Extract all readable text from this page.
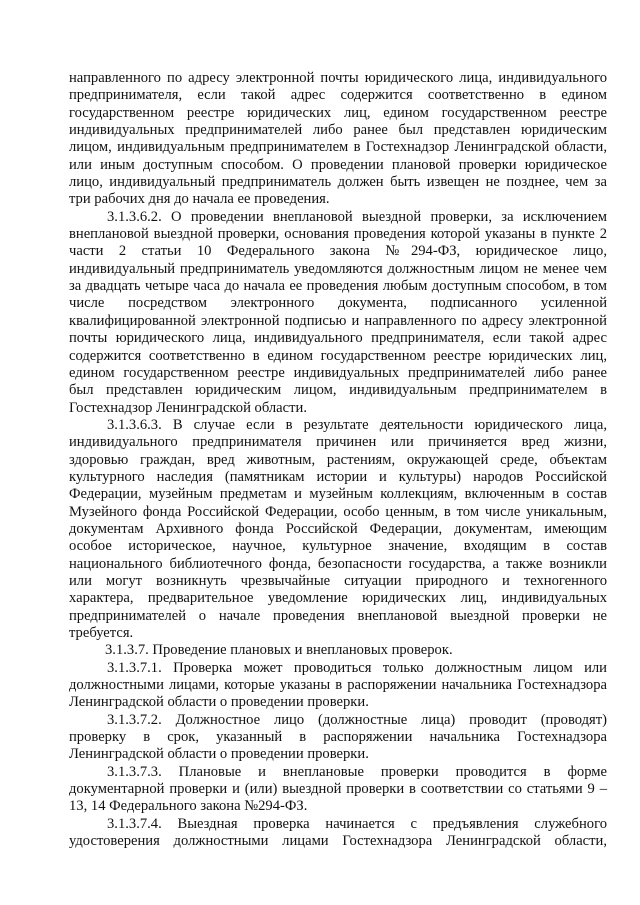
направленного по адресу электронной почты юридического лица, индивидуального
предпринимателя, если такой адрес содержится соответственно в едином
государственном реестре юридических лиц, едином государственном реестре
индивидуальных предпринимателей либо ранее был представлен юридическим
лицом, индивидуальным предпринимателем в Гостехнадзор Ленинградской области,
или иным доступным способом. О проведении плановой проверки юридическое
лицо, индивидуальный предприниматель должен быть извещен не позднее, чем за
три рабочих дня до начала ее проведения.
3.1.3.6.2. О проведении внеплановой выездной проверки, за исключением
внеплановой выездной проверки, основания проведения которой указаны в пункте 2
части 2 статьи 10 Федерального закона №294-ФЗ, юридическое лицо,
индивидуальный предприниматель уведомляются должностным лицом не менее чем
за двадцать четыре часа до начала ее проведения любым доступным способом, в том
числе посредством электронного документа, подписанного усиленной
квалифицированной электронной подписью и направленного по адресу электронной
почты юридического лица, индивидуального предпринимателя, если такой адрес
содержится соответственно в едином государственном реестре юридических лиц,
едином государственном реестре индивидуальных предпринимателей либо ранее
был представлен юридическим лицом, индивидуальным предпринимателем в
Гостехнадзор Ленинградской области.
3.1.3.6.3. В случае если в результате деятельности юридического лица,
индивидуального предпринимателя причинен или причиняется вред жизни,
здоровью граждан, вред животным, растениям, окружающей среде, объектам
культурного наследия (памятникам истории и культуры) народов Российской
Федерации, музейным предметам и музейным коллекциям, включенным в состав
Музейного фонда Российской Федерации, особо ценным, в том числе уникальным,
документам Архивного фонда Российской Федерации, документам, имеющим
особое историческое, научное, культурное значение, входящим в состав
национального библиотечного фонда, безопасности государства, а также возникли
или могут возникнуть чрезвычайные ситуации природного и техногенного
характера, предварительное уведомление юридических лиц, индивидуальных
предпринимателей о начале проведения внеплановой выездной проверки не
требуется.
3.1.3.7. Проведение плановых и внеплановых проверок.
3.1.3.7.1. Проверка может проводиться только должностным лицом или
должностными лицами, которые указаны в распоряжении начальника Гостехнадзора
Ленинградской области о проведении проверки.
3.1.3.7.2. Должностное лицо (должностные лица) проводит (проводят)
проверку в срок, указанный в распоряжении начальника Гостехнадзора
Ленинградской области о проведении проверки.
3.1.3.7.3. Плановые и внеплановые проверки проводится в форме
документарной проверки и (или) выездной проверки в соответствии со статьями 9 –
13, 14 Федерального закона №294-ФЗ.
3.1.3.7.4. Выездная проверка начинается с предъявления служебного
удостоверения должностными лицами Гостехнадзора Ленинградской области,
